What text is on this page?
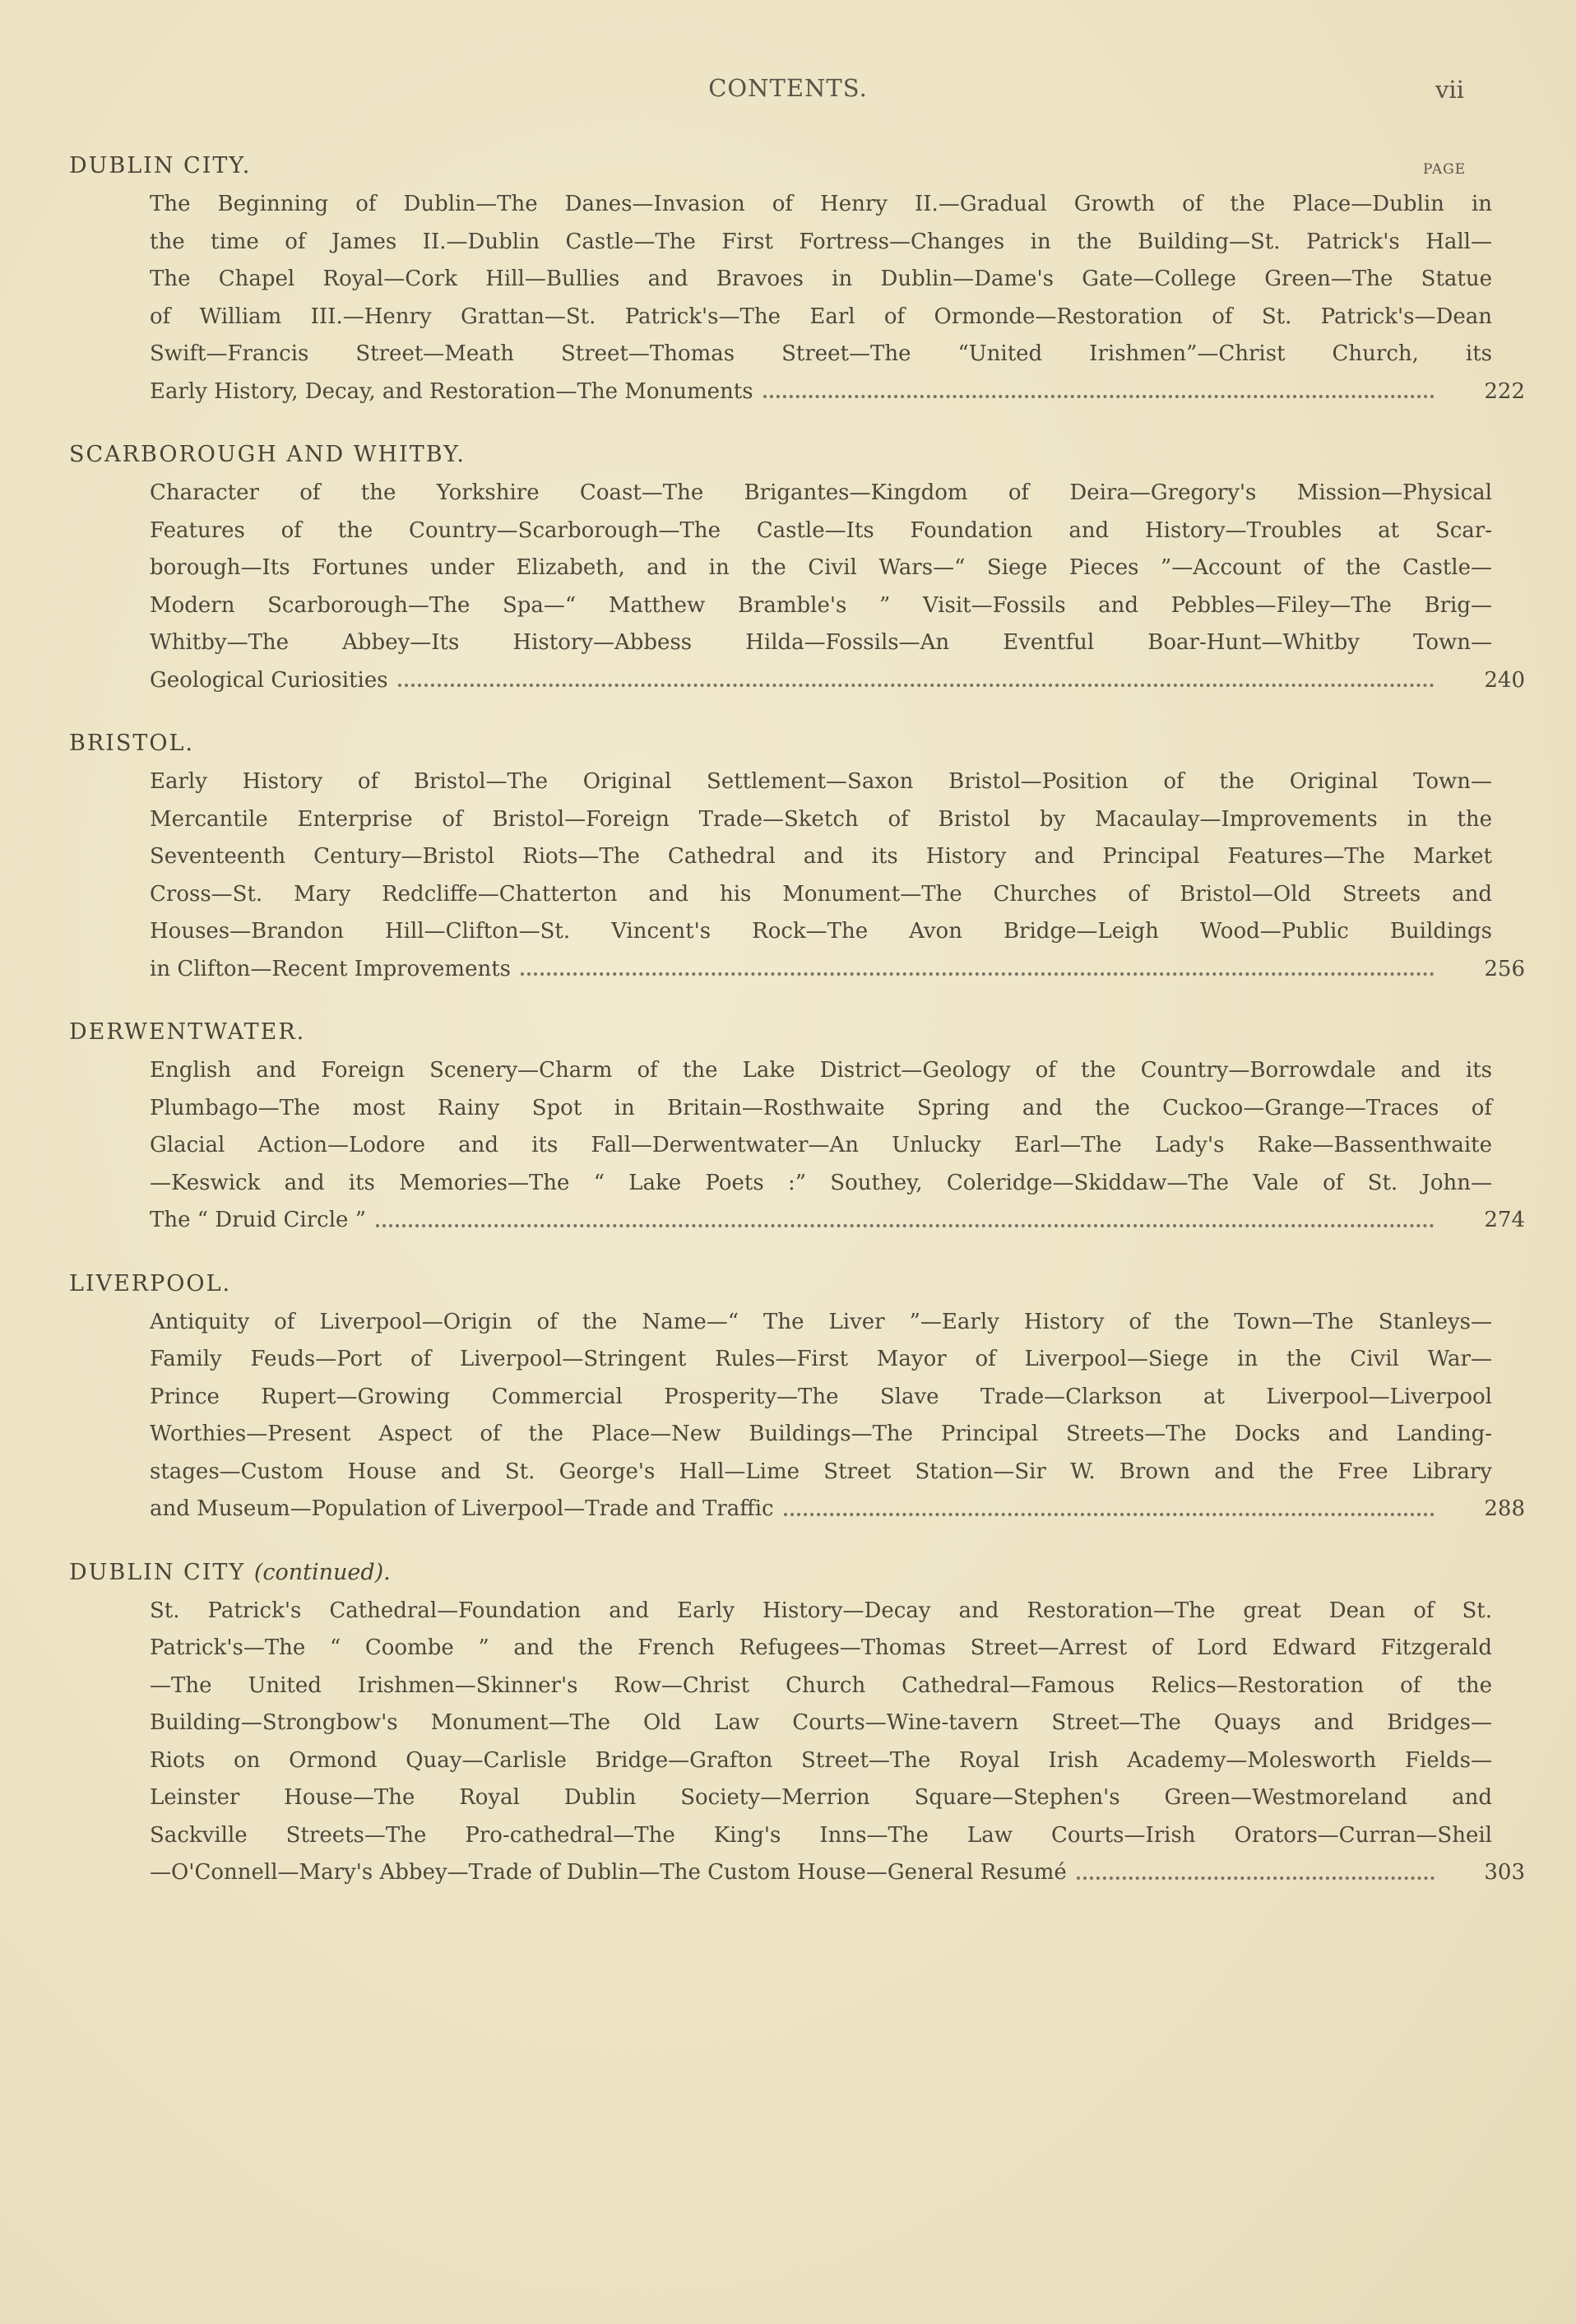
CONTENTS.	vii
PAGE
DUBLIN CITY.
The Beginning of Dublin—The Danes—Invasion of Henry II.—Gradual Growth of the Place—Dublin in
the time of James II.—Dublin Castle—The First Fortress—Changes in the Building—St. Patrick's Hall—
The Chapel Royal—Cork Hill—Bullies and Bravoes in Dublin—Dame's Gate—College Green—The Statue
of William III.—Henry Grattan—St. Patrick's—The Earl of Ormonde—Restoration of St. Patrick's—Dean
Swift—Francis Street—Meath Street—Thomas Street—The “United Irishmen”—Christ Church, its
Early History, Decay, and Restoration—The Monuments	222
SCARBOROUGH AND WHITBY.
Character of the Yorkshire Coast—The Brigantes—Kingdom of Deira—Gregory's Mission—Physical
Features of the Country—Scarborough—The Castle—Its Foundation and History—Troubles at Scar-
borough—Its Fortunes under Elizabeth, and in the Civil Wars—“ Siege Pieces ”—Account of the Castle—
Modern Scarborough—The Spa—“ Matthew Bramble's ” Visit—Fossils and Pebbles—Filey—The Brig—
Whitby—The Abbey—Its History—Abbess Hilda—Fossils—An Eventful Boar-Hunt—Whitby Town—
Geological Curiosities	240
BRISTOL.
Early History of Bristol—The Original Settlement—Saxon Bristol—Position of the Original Town—
Mercantile Enterprise of Bristol—Foreign Trade—Sketch of Bristol by Macaulay—Improvements in the
Seventeenth Century—Bristol Riots—The Cathedral and its History and Principal Features—The Market
Cross—St. Mary Redcliffe—Chatterton and his Monument—The Churches of Bristol—Old Streets and
Houses—Brandon Hill—Clifton—St. Vincent's Rock—The Avon Bridge—Leigh Wood—Public Buildings
in Clifton—Recent Improvements	256
DERWENTWATER.
English and Foreign Scenery—Charm of the Lake District—Geology of the Country—Borrowdale and its
Plumbago—The most Rainy Spot in Britain—Rosthwaite Spring and the Cuckoo—Grange—Traces of
Glacial Action—Lodore and its Fall—Derwentwater—An Unlucky Earl—The Lady's Rake—Bassenthwaite
—Keswick and its Memories—The “ Lake Poets :” Southey, Coleridge—Skiddaw—The Vale of St. John—
The “ Druid Circle ”	274
LIVERPOOL.
Antiquity of Liverpool—Origin of the Name—“ The Liver ”—Early History of the Town—The Stanleys—
Family Feuds—Port of Liverpool—Stringent Rules—First Mayor of Liverpool—Siege in the Civil War—
Prince Rupert—Growing Commercial Prosperity—The Slave Trade—Clarkson at Liverpool—Liverpool
Worthies—Present Aspect of the Place—New Buildings—The Principal Streets—The Docks and Landing-
stages—Custom House and St. George's Hall—Lime Street Station—Sir W. Brown and the Free Library
and Museum—Population of Liverpool—Trade and Traffic	288
DUBLIN CITY (continued).
St. Patrick's Cathedral—Foundation and Early History—Decay and Restoration—The great Dean of St.
Patrick's—The “ Coombe ” and the French Refugees—Thomas Street—Arrest of Lord Edward Fitzgerald
—The United Irishmen—Skinner's Row—Christ Church Cathedral—Famous Relics—Restoration of the
Building—Strongbow's Monument—The Old Law Courts—Wine-tavern Street—The Quays and Bridges—
Riots on Ormond Quay—Carlisle Bridge—Grafton Street—The Royal Irish Academy—Molesworth Fields—
Leinster House—The Royal Dublin Society—Merrion Square—Stephen's Green—Westmoreland and
Sackville Streets—The Pro-cathedral—The King's Inns—The Law Courts—Irish Orators—Curran—Sheil
—O'Connell—Mary's Abbey—Trade of Dublin—The Custom House—General Resumé	303
